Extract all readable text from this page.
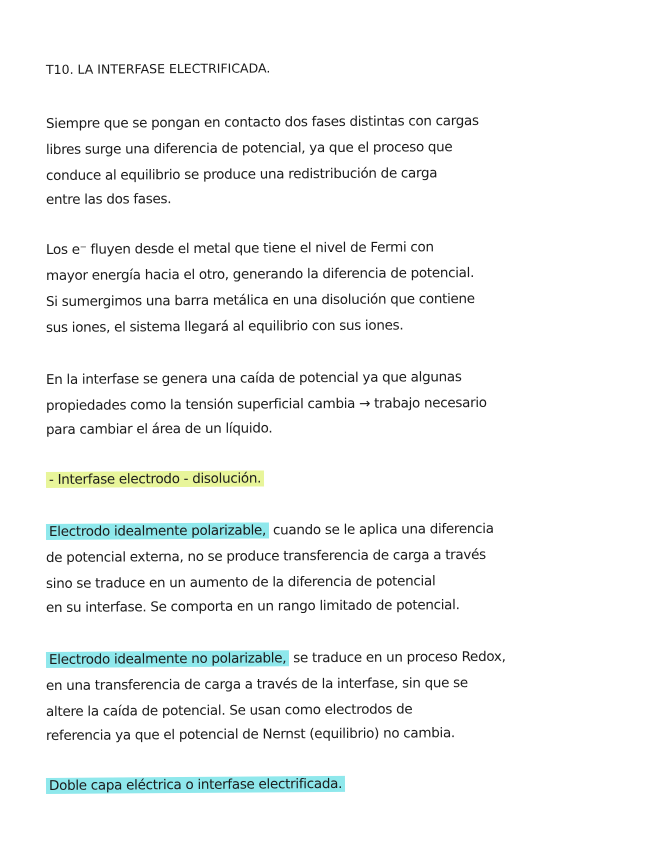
T10. LA INTERFASE ELECTRIFICADA.
Siempre que se pongan en contacto dos fases distintas con cargas
libres surge una diferencia de potencial, ya que el proceso que
conduce al equilibrio se produce una redistribución de carga
entre las dos fases.
Los e⁻ fluyen desde el metal que tiene el nivel de Fermi con
mayor energía hacia el otro, generando la diferencia de potencial.
Si sumergimos una barra metálica en una disolución que contiene
sus iones, el sistema llegará al equilibrio con sus iones.
En la interfase se genera una caída de potencial ya que algunas
propiedades como la tensión superficial cambia → trabajo necesario
para cambiar el área de un líquido.
- Interfase electrodo - disolución.
Electrodo idealmente polarizable, cuando se le aplica una diferencia
de potencial externa, no se produce transferencia de carga a través
sino se traduce en un aumento de la diferencia de potencial
en su interfase. Se comporta en un rango limitado de potencial.
Electrodo idealmente no polarizable, se traduce en un proceso Redox,
en una transferencia de carga a través de la interfase, sin que se
altere la caída de potencial. Se usan como electrodos de
referencia ya que el potencial de Nernst (equilibrio) no cambia.
Doble capa eléctrica o interfase electrificada.
